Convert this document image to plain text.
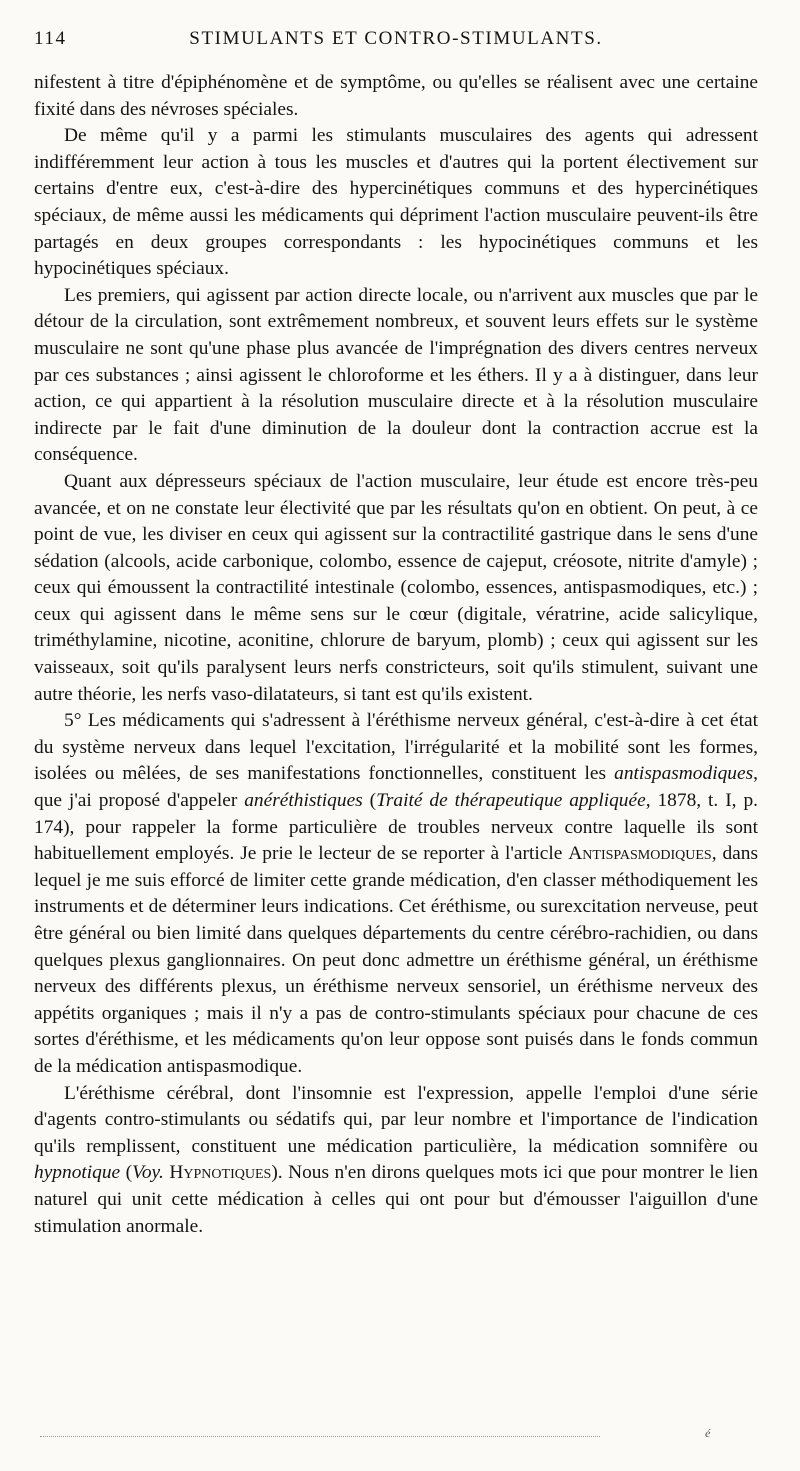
114	STIMULANTS ET CONTRO-STIMULANTS.

nifestent à titre d'épiphénomène et de symptôme, ou qu'elles se réalisent avec une certaine fixité dans des névroses spéciales.

De même qu'il y a parmi les stimulants musculaires des agents qui adressent indifféremment leur action à tous les muscles et d'autres qui la portent électivement sur certains d'entre eux, c'est-à-dire des hypercinétiques communs et des hypercinétiques spéciaux, de même aussi les médicaments qui dépriment l'action musculaire peuvent-ils être partagés en deux groupes correspondants : les hypocinétiques communs et les hypocinétiques spéciaux.

Les premiers, qui agissent par action directe locale, ou n'arrivent aux muscles que par le détour de la circulation, sont extrêmement nombreux, et souvent leurs effets sur le système musculaire ne sont qu'une phase plus avancée de l'imprégnation des divers centres nerveux par ces substances ; ainsi agissent le chloroforme et les éthers. Il y a à distinguer, dans leur action, ce qui appartient à la résolution musculaire directe et à la résolution musculaire indirecte par le fait d'une diminution de la douleur dont la contraction accrue est la conséquence.

Quant aux dépresseurs spéciaux de l'action musculaire, leur étude est encore très-peu avancée, et on ne constate leur électivité que par les résultats qu'on en obtient. On peut, à ce point de vue, les diviser en ceux qui agissent sur la contractilité gastrique dans le sens d'une sédation (alcools, acide carbonique, colombo, essence de cajeput, créosote, nitrite d'amyle) ; ceux qui émoussent la contractilité intestinale (colombo, essences, antispasmodiques, etc.) ; ceux qui agissent dans le même sens sur le cœur (digitale, vératrine, acide salicylique, triméthylamine, nicotine, aconitine, chlorure de baryum, plomb) ; ceux qui agissent sur les vaisseaux, soit qu'ils paralysent leurs nerfs constricteurs, soit qu'ils stimulent, suivant une autre théorie, les nerfs vaso-dilatateurs, si tant est qu'ils existent.

5° Les médicaments qui s'adressent à l'éréthisme nerveux général, c'est-à-dire à cet état du système nerveux dans lequel l'excitation, l'irrégularité et la mobilité sont les formes, isolées ou mêlées, de ses manifestations fonctionnelles, constituent les antispasmodiques, que j'ai proposé d'appeler anéréthistiques (Traité de thérapeutique appliquée, 1878, t. I, p. 174), pour rappeler la forme particulière de troubles nerveux contre laquelle ils sont habituellement employés. Je prie le lecteur de se reporter à l'article Antispasmodiques, dans lequel je me suis efforcé de limiter cette grande médication, d'en classer méthodiquement les instruments et de déterminer leurs indications. Cet éréthisme, ou surexcitation nerveuse, peut être général ou bien limité dans quelques départements du centre cérébro-rachidien, ou dans quelques plexus ganglionnaires. On peut donc admettre un éréthisme général, un éréthisme nerveux des différents plexus, un éréthisme nerveux sensoriel, un éréthisme nerveux des appétits organiques ; mais il n'y a pas de contro-stimulants spéciaux pour chacune de ces sortes d'éréthisme, et les médicaments qu'on leur oppose sont puisés dans le fonds commun de la médication antispasmodique.

L'éréthisme cérébral, dont l'insomnie est l'expression, appelle l'emploi d'une série d'agents contro-stimulants ou sédatifs qui, par leur nombre et l'importance de l'indication qu'ils remplissent, constituent une médication particulière, la médication somnifère ou hypnotique (Voy. Hypnotiques). Nous n'en dirons quelques mots ici que pour montrer le lien naturel qui unit cette médication à celles qui ont pour but d'émousser l'aiguillon d'une stimulation anormale.

é
